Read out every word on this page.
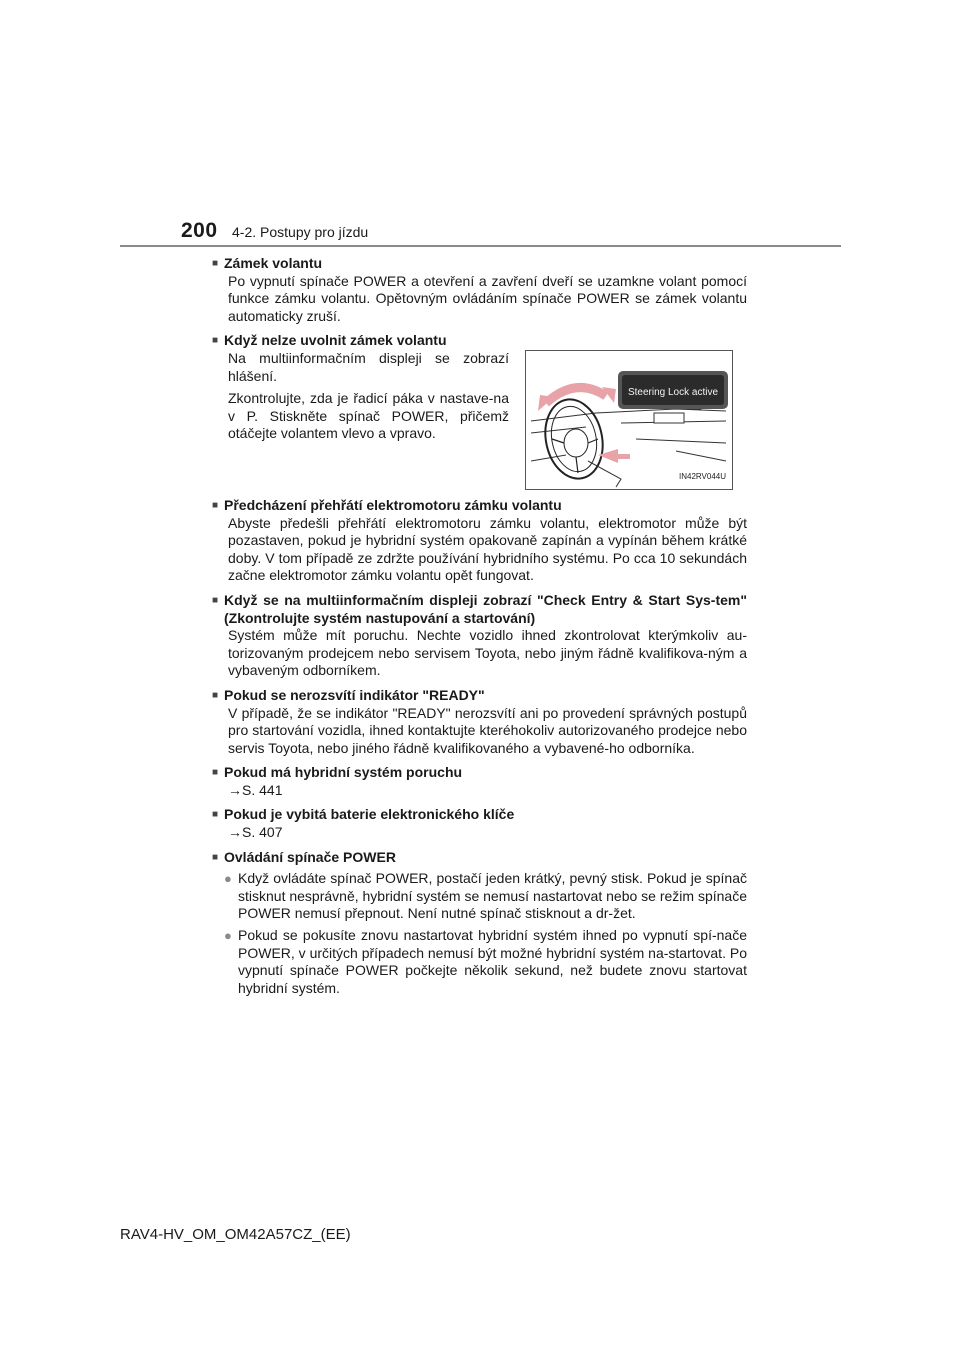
200 4-2. Postupy pro jízdu
■ Zámek volantu
Po vypnutí spínače POWER a otevření a zavření dveří se uzamkne volant pomocí funkce zámku volantu. Opětovným ovládáním spínače POWER se zámek volantu automaticky zruší.
■ Když nelze uvolnit zámek volantu

Na multiinformačním displeji se zobrazí hlášení.

Zkontrolujte, zda je řadicí páka v nastave-na v P. Stiskněte spínač POWER, přičemž otáčejte volantem vlevo a vpravo.

Steering Lock active
IN42RV044U
■ Předcházení přehřátí elektromotoru zámku volantu
Abyste předešli přehřátí elektromotoru zámku volantu, elektromotor může být pozastaven, pokud je hybridní systém opakovaně zapínán a vypínán během krátké doby. V tom případě ze zdržte používání hybridního systému. Po cca 10 sekundách začne elektromotor zámku volantu opět fungovat.
■ Když se na multiinformačním displeji zobrazí "Check Entry & Start Sys-tem" (Zkontrolujte systém nastupování a startování)
Systém může mít poruchu. Nechte vozidlo ihned zkontrolovat kterýmkoliv au-torizovaným prodejcem nebo servisem Toyota, nebo jiným řádně kvalifikova-ným a vybaveným odborníkem.
■ Pokud se nerozsvítí indikátor "READY"
V případě, že se indikátor "READY" nerozsvítí ani po provedení správných postupů pro startování vozidla, ihned kontaktujte kteréhokoliv autorizovaného prodejce nebo servis Toyota, nebo jiného řádně kvalifikovaného a vybavené-ho odborníka.
■ Pokud má hybridní systém poruchu
→S. 441
■ Pokud je vybitá baterie elektronického klíče
→S. 407
■ Ovládání spínače POWER
● Když ovládáte spínač POWER, postačí jeden krátký, pevný stisk. Pokud je spínač stisknut nesprávně, hybridní systém se nemusí nastartovat nebo se režim spínače POWER nemusí přepnout. Není nutné spínač stisknout a dr-žet.
● Pokud se pokusíte znovu nastartovat hybridní systém ihned po vypnutí spí-nače POWER, v určitých případech nemusí být možné hybridní systém na-startovat. Po vypnutí spínače POWER počkejte několik sekund, než budete znovu startovat hybridní systém.
RAV4-HV_OM_OM42A57CZ_(EE)
